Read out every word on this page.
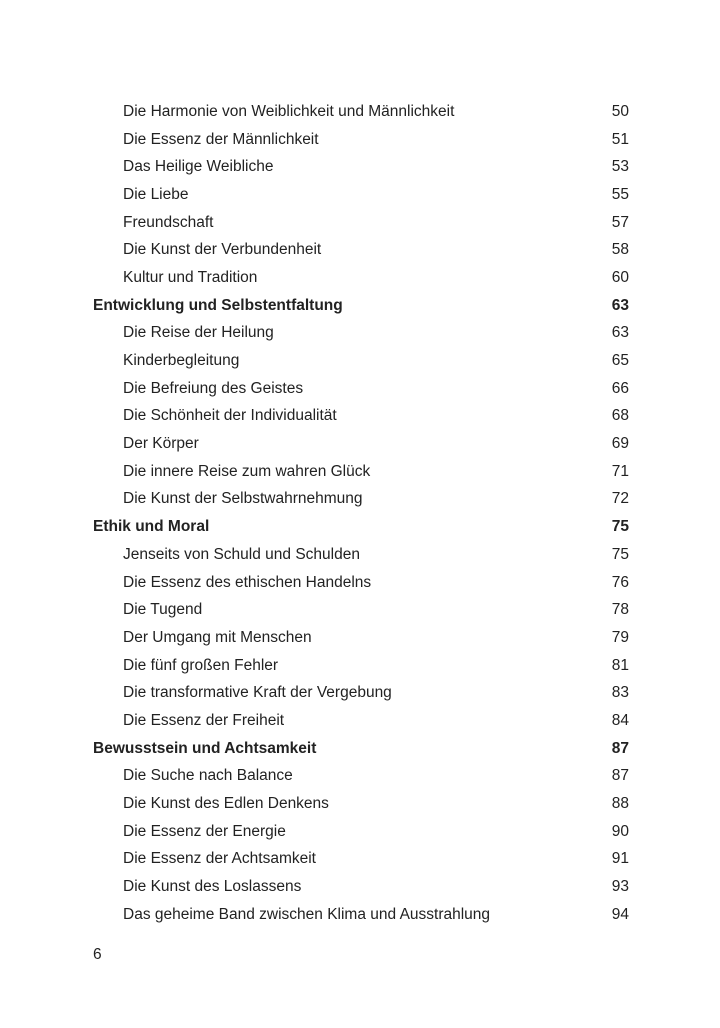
Die Harmonie von Weiblichkeit und Männlichkeit	50
Die Essenz der Männlichkeit	51
Das Heilige Weibliche	53
Die Liebe	55
Freundschaft	57
Die Kunst der Verbundenheit	58
Kultur und Tradition	60
Entwicklung und Selbstentfaltung	63
Die Reise der Heilung	63
Kinderbegleitung	65
Die Befreiung des Geistes	66
Die Schönheit der Individualität	68
Der Körper	69
Die innere Reise zum wahren Glück	71
Die Kunst der Selbstwahrnehmung	72
Ethik und Moral	75
Jenseits von Schuld und Schulden	75
Die Essenz des ethischen Handelns	76
Die Tugend	78
Der Umgang mit Menschen	79
Die fünf großen Fehler	81
Die transformative Kraft der Vergebung	83
Die Essenz der Freiheit	84
Bewusstsein und Achtsamkeit	87
Die Suche nach Balance	87
Die Kunst des Edlen Denkens	88
Die Essenz der Energie	90
Die Essenz der Achtsamkeit	91
Die Kunst des Loslassens	93
Das geheime Band zwischen Klima und Ausstrahlung	94
6
